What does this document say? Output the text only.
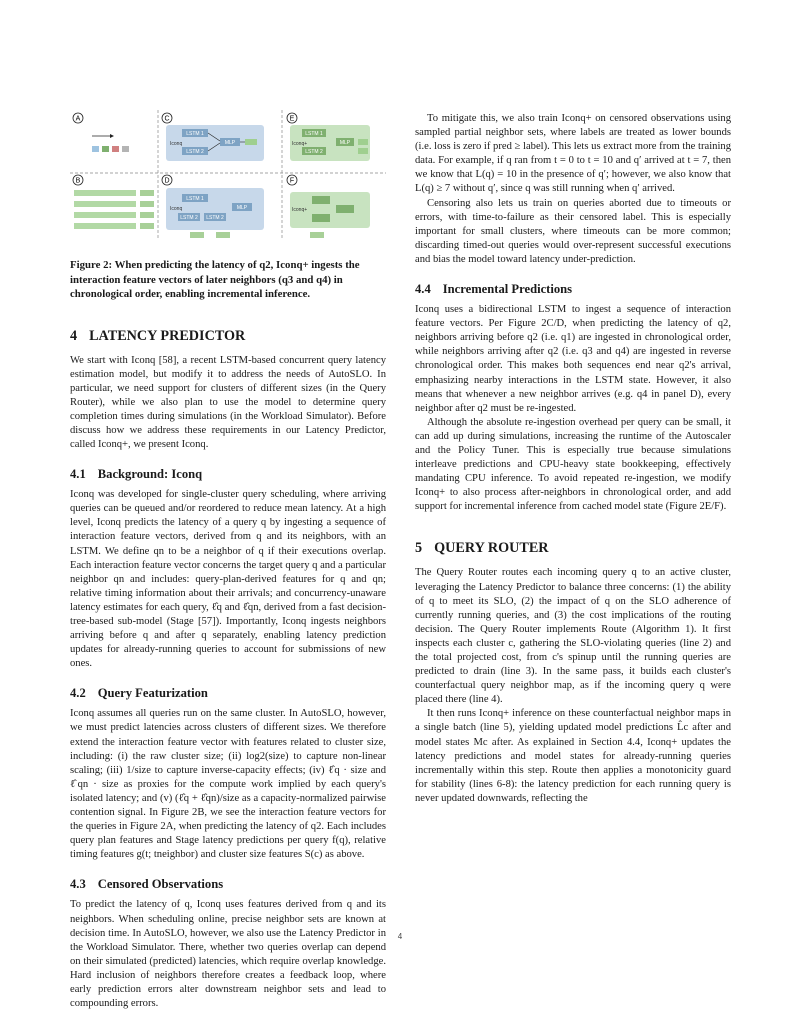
A
B
C
LSTM 1
LSTM 2
MLP
Iconq
D
LSTM 1
LSTM 2 LSTM 2
MLP
Iconq
E
LSTM 1
LSTM 2
MLP
Iconq+
F
Iconq+

Figure 2: When predicting the latency of q2, Iconq+ ingests the interaction feature vectors of later neighbors (q3 and q4) in chronological order, enabling incremental inference.

4 LATENCY PREDICTOR

We start with Iconq [58], a recent LSTM-based concurrent query latency estimation model, but modify it to address the needs of AutoSLO. In particular, we need support for clusters of different sizes (in the Query Router), while we also plan to use the model to determine query completion times during simulations (in the Workload Simulator). Before discuss how we address these requirements in our Latency Predictor, called Iconq+, we present Iconq.

4.1 Background: Iconq

Iconq was developed for single-cluster query scheduling, where arriving queries can be queued and/or reordered to reduce mean latency. At a high level, Iconq predicts the latency of a query q by ingesting a sequence of interaction feature vectors, derived from q and its neighbors, with an LSTM. We define qn to be a neighbor of q if their executions overlap. Each interaction feature vector concerns the target query q and a particular neighbor qn and includes: query-plan-derived features for q and qn; relative timing information about their arrivals; and concurrency-unaware latency estimates for each query, ℓ̂q and ℓ̂qn, derived from a fast decision-tree-based sub-model (Stage [57]). Importantly, Iconq ingests neighbors arriving before q and after q separately, enabling latency prediction updates for already-running queries to account for submissions of new ones.

4.2 Query Featurization

Iconq assumes all queries run on the same cluster. In AutoSLO, however, we must predict latencies across clusters of different sizes. We therefore extend the interaction feature vector with features related to cluster size, including: (i) the raw cluster size; (ii) log2(size) to capture non-linear scaling; (iii) 1/size to capture inverse-capacity effects; (iv) ℓ̂q · size and ℓ̂qn · size as proxies for the compute work implied by each query's isolated latency; and (v) (ℓ̂q + ℓ̂qn)/size as a capacity-normalized pairwise contention signal. In Figure 2B, we see the interaction feature vectors for the queries in Figure 2A, when predicting the latency of q2. Each includes query plan features and Stage latency predictions per query f(q), relative timing features g(t; tneighbor) and cluster size features S(c) as above.

4.3 Censored Observations

To predict the latency of q, Iconq uses features derived from q and its neighbors. When scheduling online, precise neighbor sets are known at decision time. In AutoSLO, however, we also use the Latency Predictor in the Workload Simulator. There, whether two queries overlap can depend on their simulated (predicted) latencies, which require overlap knowledge. Hard inclusion of neighbors therefore creates a feedback loop, where early prediction errors alter downstream neighbor sets and lead to compounding errors.

To mitigate this, we also train Iconq+ on censored observations using sampled partial neighbor sets, where labels are treated as lower bounds (i.e. loss is zero if pred ≥ label). This lets us extract more from the training data. For example, if q ran from t = 0 to t = 10 and q′ arrived at t = 7, then we know that L(q) = 10 in the presence of q′; however, we also know that L(q) ≥ 7 without q′, since q was still running when q′ arrived.

Censoring also lets us train on queries aborted due to timeouts or errors, with time-to-failure as their censored label. This is especially important for small clusters, where timeouts can be more common; discarding timed-out queries would over-represent successful executions and bias the model toward latency under-prediction.

4.4 Incremental Predictions

Iconq uses a bidirectional LSTM to ingest a sequence of interaction feature vectors. Per Figure 2C/D, when predicting the latency of q2, neighbors arriving before q2 (i.e. q1) are ingested in chronological order, while neighbors arriving after q2 (i.e. q3 and q4) are ingested in reverse chronological order. This makes both sequences end near q2's arrival, emphasizing nearby interactions in the LSTM state. However, it also means that whenever a new neighbor arrives (e.g. q4 in panel D), every neighbor after q2 must be re-ingested.

Although the absolute re-ingestion overhead per query can be small, it can add up during simulations, increasing the runtime of the Autoscaler and the Policy Tuner. This is especially true because simulations interleave predictions and CPU-heavy state bookkeeping, effectively mandating CPU inference. To avoid repeated re-ingestion, we modify Iconq+ to also process after-neighbors in chronological order, and add support for incremental inference from cached model state (Figure 2E/F).

5 QUERY ROUTER

The Query Router routes each incoming query q to an active cluster, leveraging the Latency Predictor to balance three concerns: (1) the ability of q to meet its SLO, (2) the impact of q on the SLO adherence of currently running queries, and (3) the cost implications of the routing decision. The Query Router implements Route (Algorithm 1). It first inspects each cluster c, gathering the SLO-violating queries (line 2) and the total projected cost, from c's spinup until the running queries are predicted to drain (line 3). In the same pass, it builds each cluster's counterfactual query neighbor map, as if the incoming query q were placed there (line 4).

It then runs Iconq+ inference on these counterfactual neighbor maps in a single batch (line 5), yielding updated model predictions L̂c after and model states Mc after. As explained in Section 4.4, Iconq+ updates the latency predictions and model states for already-running queries incrementally within this step. Route then applies a monotonicity guard for stability (lines 6-8): the latency prediction for each running query is never updated downwards, reflecting the

4
